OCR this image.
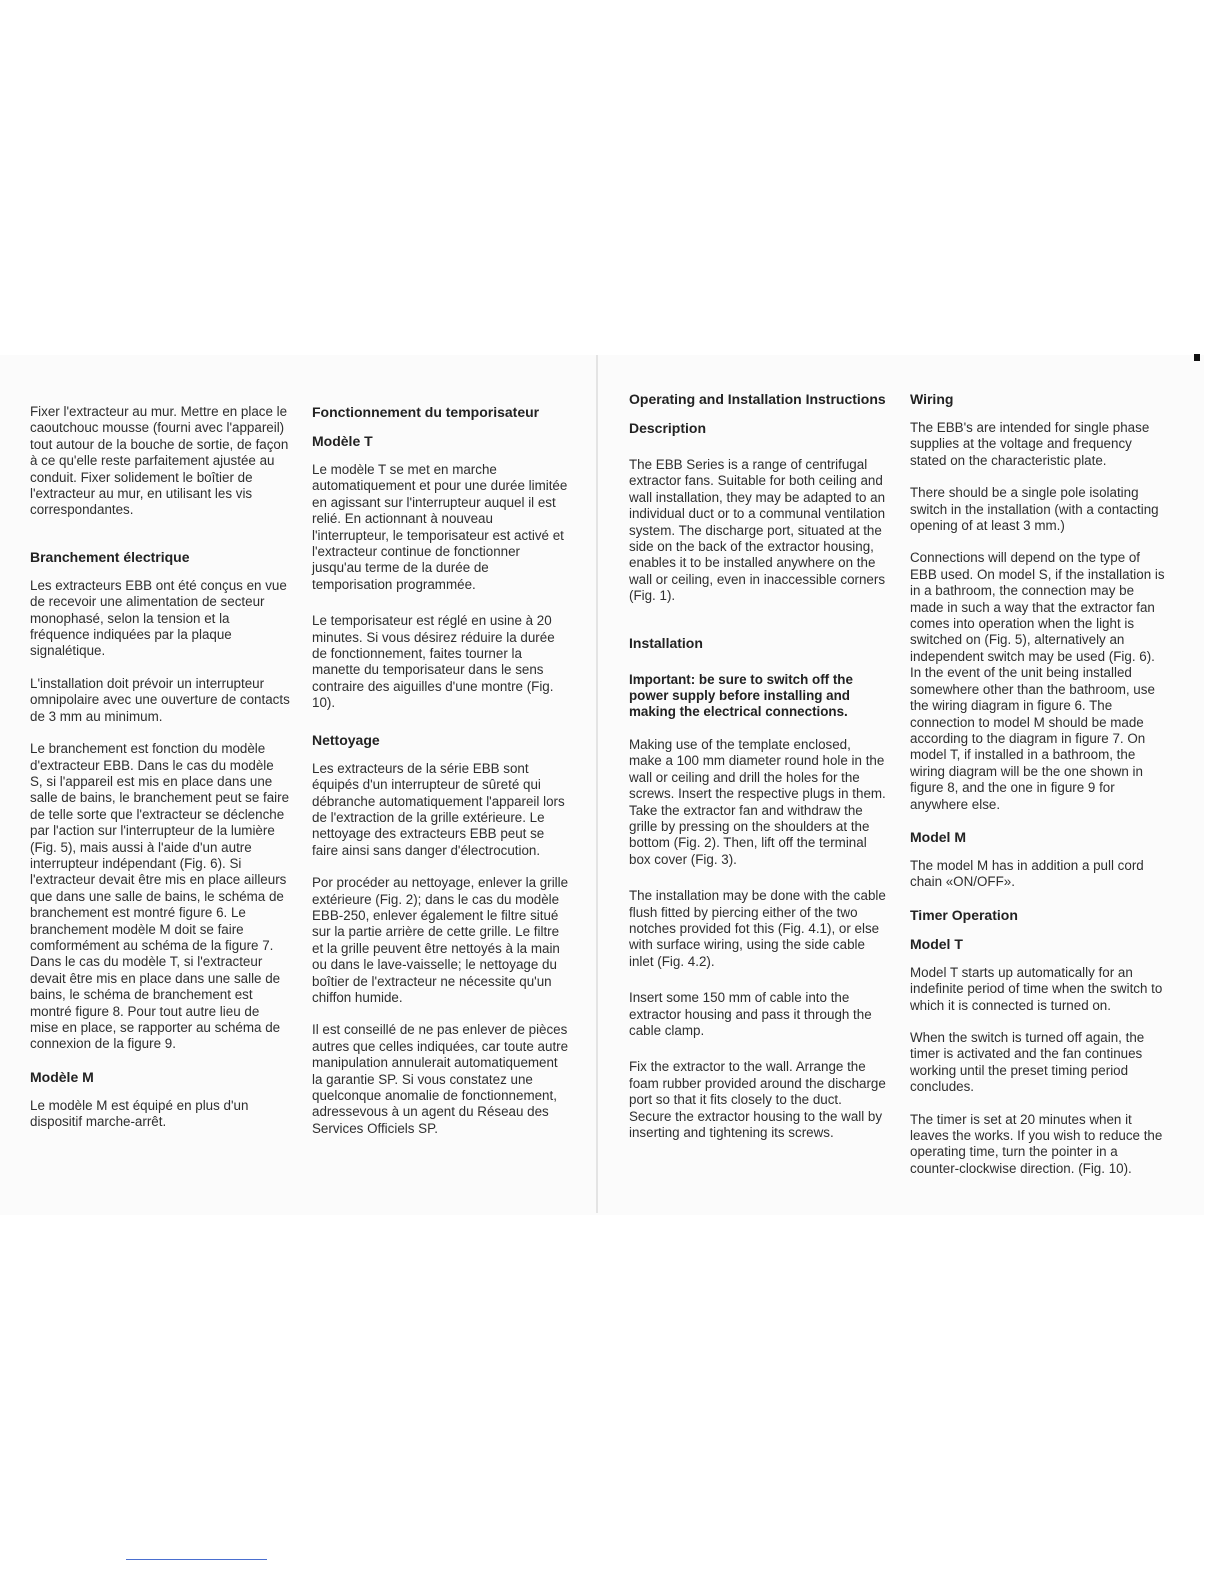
Fixer l'extracteur au mur. Mettre en place le caoutchouc mousse (fourni avec l'appareil) tout autour de la bouche de sortie, de façon à ce qu'elle reste parfaitement ajustée au conduit. Fixer solidement le boîtier de l'extracteur au mur, en utilisant les vis correspondantes.

Branchement électrique

Les extracteurs EBB ont été conçus en vue de recevoir une alimentation de secteur monophasé, selon la tension et la fréquence indiquées par la plaque signalétique.

L'installation doit prévoir un interrupteur omnipolaire avec une ouverture de contacts de 3 mm au minimum.

Le branchement est fonction du modèle d'extracteur EBB. Dans le cas du modèle S, si l'appareil est mis en place dans une salle de bains, le branchement peut se faire de telle sorte que l'extracteur se déclenche par l'action sur l'interrupteur de la lumière (Fig. 5), mais aussi à l'aide d'un autre interrupteur indépendant (Fig. 6). Si l'extracteur devait être mis en place ailleurs que dans une salle de bains, le schéma de branchement est montré figure 6. Le branchement modèle M doit se faire comformément au schéma de la figure 7. Dans le cas du modèle T, si l'extracteur devait être mis en place dans une salle de bains, le schéma de branchement est montré figure 8. Pour tout autre lieu de mise en place, se rapporter au schéma de connexion de la figure 9.

Modèle M

Le modèle M est équipé en plus d'un dispositif marche-arrêt.

Fonctionnement du temporisateur
Modèle T

Le modèle T se met en marche automatiquement et pour une durée limitée en agissant sur l'interrupteur auquel il est relié. En actionnant à nouveau l'interrupteur, le temporisateur est activé et l'extracteur continue de fonctionner jusqu'au terme de la durée de temporisation programmée.

Le temporisateur est réglé en usine à 20 minutes. Si vous désirez réduire la durée de fonctionnement, faites tourner la manette du temporisateur dans le sens contraire des aiguilles d'une montre (Fig. 10).

Nettoyage

Les extracteurs de la série EBB sont équipés d'un interrupteur de sûreté qui débranche automatiquement l'appareil lors de l'extraction de la grille extérieure. Le nettoyage des extracteurs EBB peut se faire ainsi sans danger d'électrocution.

Por procéder au nettoyage, enlever la grille extérieure (Fig. 2); dans le cas du modèle EBB-250, enlever également le filtre situé sur la partie arrière de cette grille. Le filtre et la grille peuvent être nettoyés à la main ou dans le lave-vaisselle; le nettoyage du boîtier de l'extracteur ne nécessite qu'un chiffon humide.

Il est conseillé de ne pas enlever de pièces autres que celles indiquées, car toute autre manipulation annulerait automatiquement la garantie SP. Si vous constatez une quelconque anomalie de fonctionnement, adressevous à un agent du Réseau des Services Officiels SP.

Operating and Installation Instructions
Description

The EBB Series is a range of centrifugal extractor fans. Suitable for both ceiling and wall installation, they may be adapted to an individual duct or to a communal ventilation system. The discharge port, situated at the side on the back of the extractor housing, enables it to be installed anywhere on the wall or ceiling, even in inaccessible corners (Fig. 1).

Installation

Important: be sure to switch off the power supply before installing and making the electrical connections.

Making use of the template enclosed, make a 100 mm diameter round hole in the wall or ceiling and drill the holes for the screws. Insert the respective plugs in them. Take the extractor fan and withdraw the grille by pressing on the shoulders at the bottom (Fig. 2). Then, lift off the terminal box cover (Fig. 3).

The installation may be done with the cable flush fitted by piercing either of the two notches provided fot this (Fig. 4.1), or else with surface wiring, using the side cable inlet (Fig. 4.2).

Insert some 150 mm of cable into the extractor housing and pass it through the cable clamp.

Fix the extractor to the wall. Arrange the foam rubber provided around the discharge port so that it fits closely to the duct. Secure the extractor housing to the wall by inserting and tightening its screws.

Wiring

The EBB's are intended for single phase supplies at the voltage and frequency stated on the characteristic plate.

There should be a single pole isolating switch in the installation (with a contacting opening of at least 3 mm.)

Connections will depend on the type of EBB used. On model S, if the installation is in a bathroom, the connection may be made in such a way that the extractor fan comes into operation when the light is switched on (Fig. 5), alternatively an independent switch may be used (Fig. 6). In the event of the unit being installed somewhere other than the bathroom, use the wiring diagram in figure 6. The connection to model M should be made according to the diagram in figure 7. On model T, if installed in a bathroom, the wiring diagram will be the one shown in figure 8, and the one in figure 9 for anywhere else.

Model M

The model M has in addition a pull cord chain «ON/OFF».

Timer Operation
Model T

Model T starts up automatically for an indefinite period of time when the switch to which it is connected is turned on.

When the switch is turned off again, the timer is activated and the fan continues working until the preset timing period concludes.

The timer is set at 20 minutes when it leaves the works. If you wish to reduce the operating time, turn the pointer in a counter-clockwise direction. (Fig. 10).
